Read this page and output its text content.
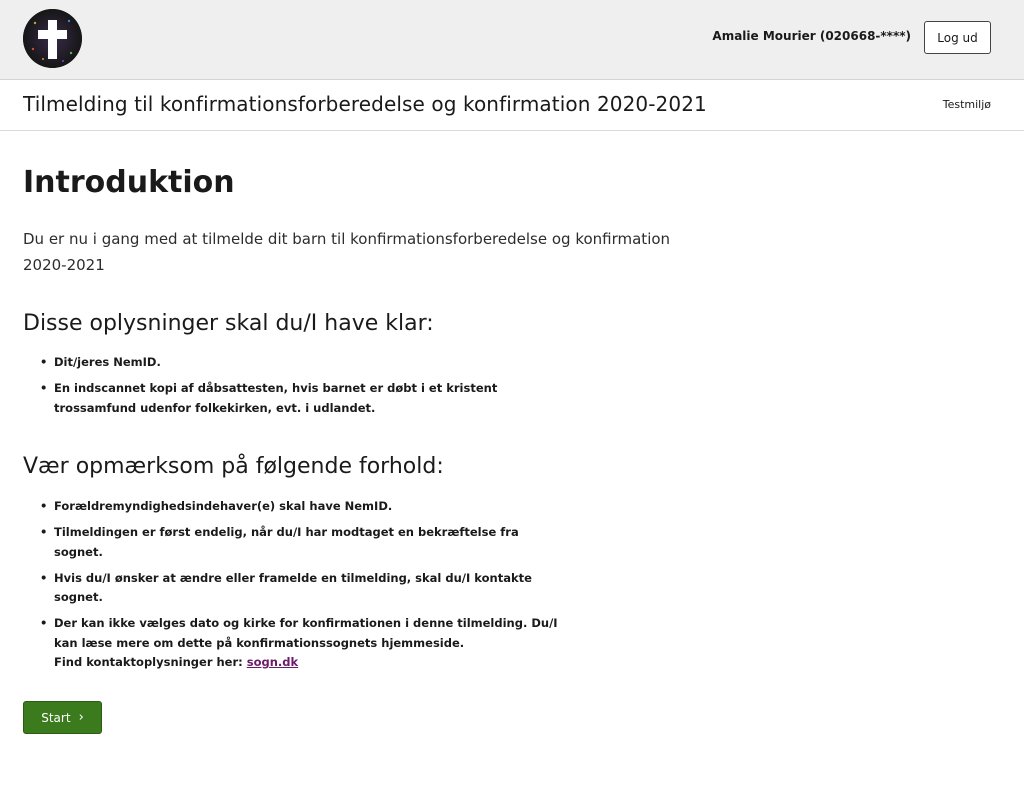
Amalie Mourier (020668-****)	Log ud
Tilmelding til konfirmationsforberedelse og konfirmation 2020-2021	Testmiljø
Introduktion

Du er nu i gang med at tilmelde dit barn til konfirmationsforberedelse og konfirmation 2020-2021

Disse oplysninger skal du/I have klar:
• Dit/jeres NemID.
• En indscannet kopi af dåbsattesten, hvis barnet er døbt i et kristent trossamfund udenfor folkekirken, evt. i udlandet.
Vær opmærksom på følgende forhold:
• Forældremyndighedsindehaver(e) skal have NemID.
• Tilmeldingen er først endelig, når du/I har modtaget en bekræftelse fra sognet.
• Hvis du/I ønsker at ændre eller framelde en tilmelding, skal du/I kontakte sognet.
• Der kan ikke vælges dato og kirke for konfirmationen i denne tilmelding. Du/I kan læse mere om dette på konfirmationssognets hjemmeside.
Find kontaktoplysninger her: sogn.dk
Start ›
